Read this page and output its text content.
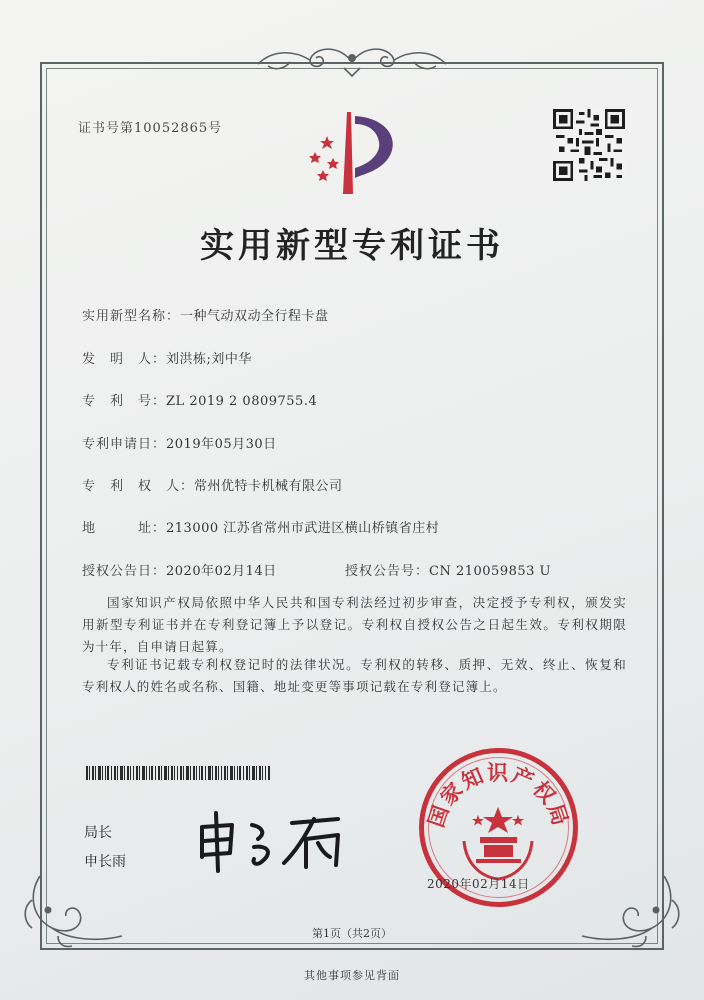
证书号第10052865号
实用新型专利证书
实用新型名称：一种气动双动全行程卡盘
发　明　人：刘洪栋;刘中华
专　利　号：ZL 2019 2 0809755.4
专利申请日：2019年05月30日
专　利　权　人：常州优特卡机械有限公司
地　　　址：213000 江苏省常州市武进区横山桥镇省庄村
授权公告日：2020年02月14日	授权公告号：CN 210059853 U
国家知识产权局依照中华人民共和国专利法经过初步审查，决定授予专利权，颁发实用新型专利证书并在专利登记簿上予以登记。专利权自授权公告之日起生效。专利权期限为十年，自申请日起算。
专利证书记载专利权登记时的法律状况。专利权的转移、质押、无效、终止、恢复和专利权人的姓名或名称、国籍、地址变更等事项记载在专利登记簿上。
局长
申长雨
国家知识产权局
2020年02月14日
第1页（共2页）
其他事项参见背面
